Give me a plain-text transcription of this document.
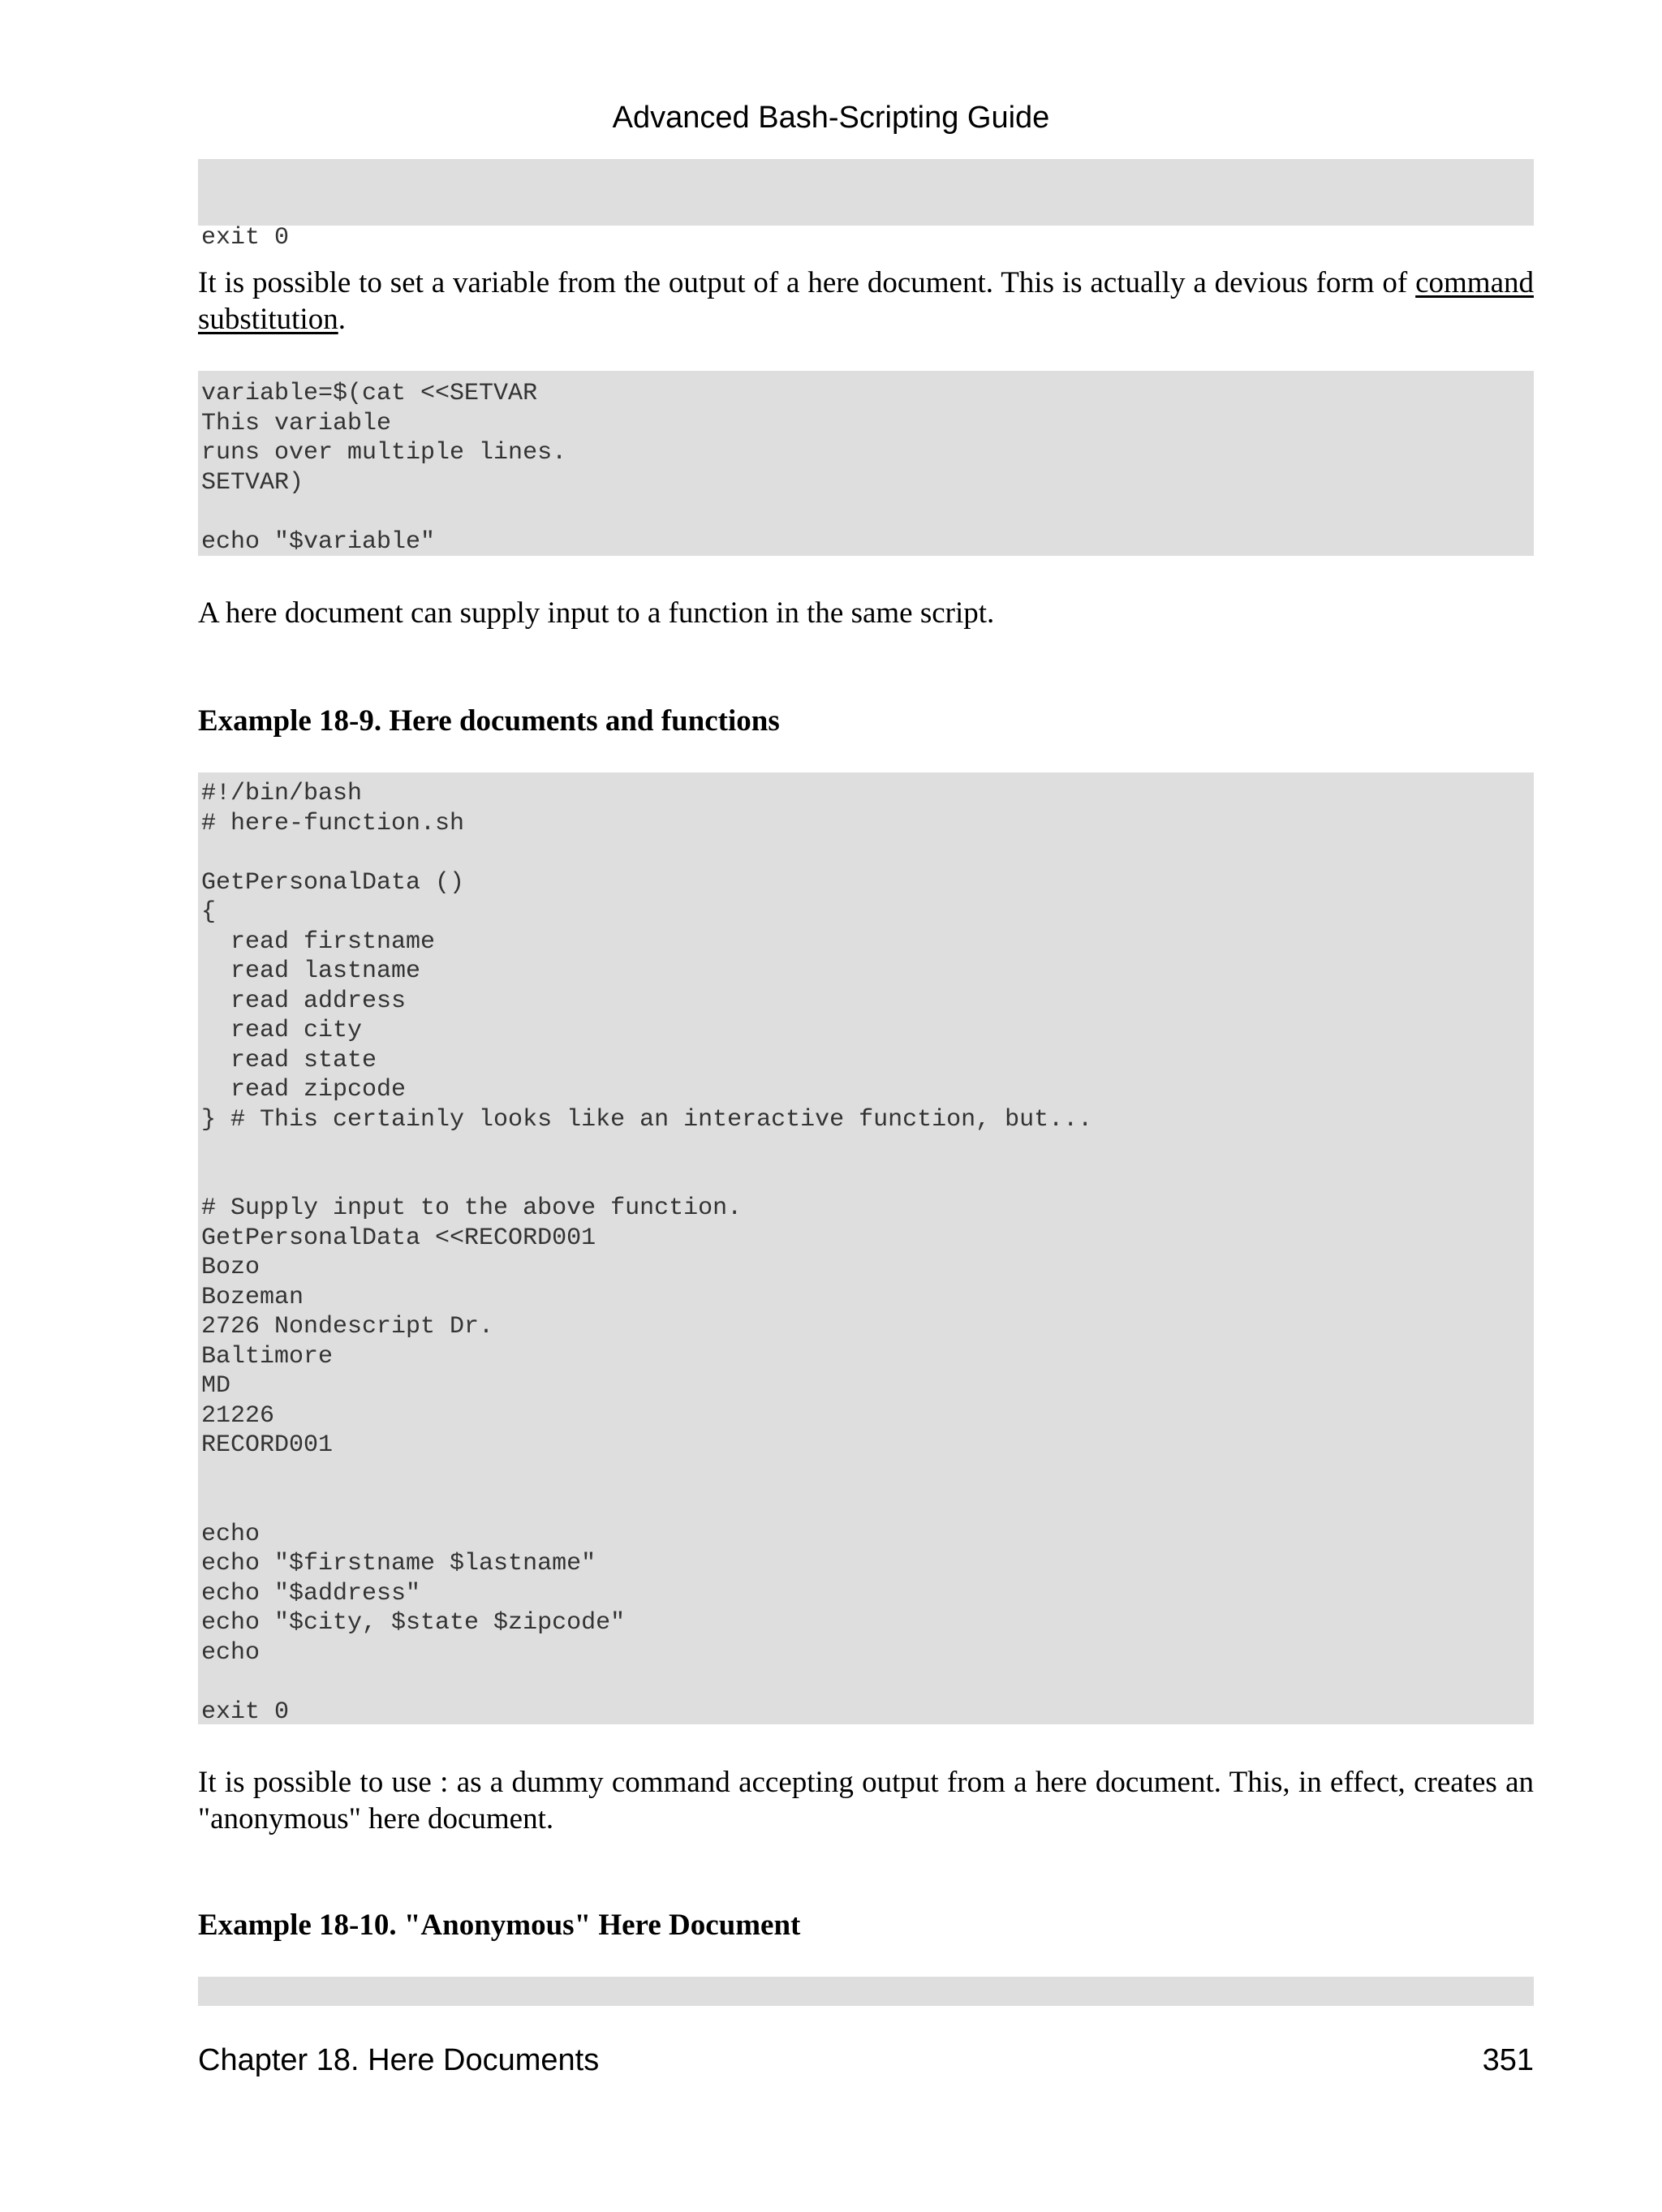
Advanced Bash-Scripting Guide

exit 0

It is possible to set a variable from the output of a here document. This is actually a devious form of command substitution.

variable=$(cat <<SETVAR
This variable
runs over multiple lines.
SETVAR)

echo "$variable"

A here document can supply input to a function in the same script.

Example 18-9. Here documents and functions
#!/bin/bash
# here-function.sh

GetPersonalData ()
{
read firstname
read lastname
read address
read city
read state
read zipcode
} # This certainly looks like an interactive function, but...

# Supply input to the above function.
GetPersonalData <<RECORD001
Bozo
Bozeman
2726 Nondescript Dr.
Baltimore
MD
21226
RECORD001

echo
echo "$firstname $lastname"
echo "$address"
echo "$city, $state $zipcode"
echo

exit 0

It is possible to use : as a dummy command accepting output from a here document. This, in effect, creates an "anonymous" here document.

Example 18-10. "Anonymous" Here Document
Chapter 18. Here Documents	351
